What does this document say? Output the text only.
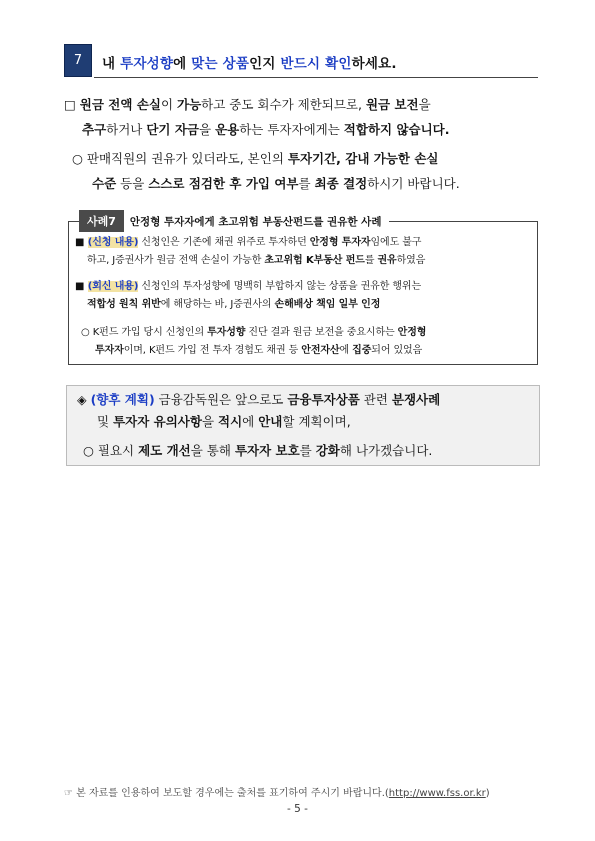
7	내 투자성향에 맞는 상품인지 반드시 확인하세요.
□ 원금 전액 손실이 가능하고 중도 회수가 제한되므로, 원금 보전을
추구하거나 단기 자금을 운용하는 투자자에게는 적합하지 않습니다.
○ 판매직원의 권유가 있더라도, 본인의 투자기간, 감내 가능한 손실
수준 등을 스스로 점검한 후 가입 여부를 최종 결정하시기 바랍니다.
사례7	안정형 투자자에게 초고위험 부동산펀드를 권유한 사례
■ (신청 내용) 신청인은 기존에 채권 위주로 투자하던 안정형 투자자임에도 불구
하고, J증권사가 원금 전액 손실이 가능한 초고위험 K부동산 펀드를 권유하였음
■ (회신 내용) 신청인의 투자성향에 명백히 부합하지 않는 상품을 권유한 행위는
적합성 원칙 위반에 해당하는 바, J증권사의 손해배상 책임 일부 인정
○ K펀드 가입 당시 신청인의 투자성향 진단 결과 원금 보전을 중요시하는 안정형
투자자이며, K펀드 가입 전 투자 경험도 채권 등 안전자산에 집중되어 있었음
◈ (향후 계획) 금융감독원은 앞으로도 금융투자상품 관련 분쟁사례
및 투자자 유의사항을 적시에 안내할 계획이며,
○ 필요시 제도 개선을 통해 투자자 보호를 강화해 나가겠습니다.
☞ 본 자료를 인용하여 보도할 경우에는 출처를 표기하여 주시기 바랍니다.(http://www.fss.or.kr)
- 5 -
